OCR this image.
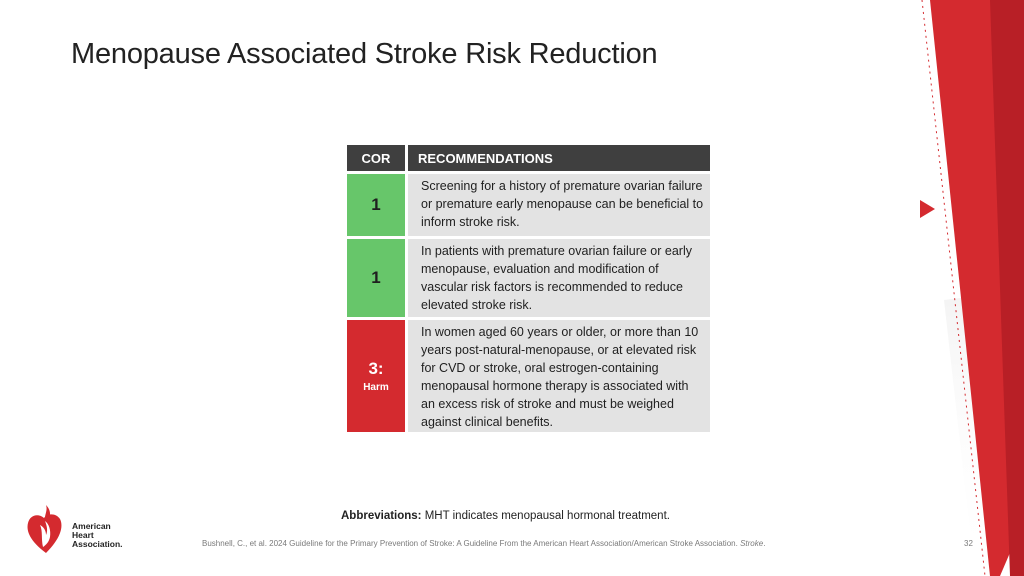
Menopause Associated Stroke Risk Reduction
COR	RECOMMENDATIONS
1
Screening for a history of premature ovarian failure or premature early menopause can be beneficial to inform stroke risk.
1
In patients with premature ovarian failure or early menopause, evaluation and modification of vascular risk factors is recommended to reduce elevated stroke risk.
3:
Harm
In women aged 60 years or older, or more than 10 years post-natural-menopause, or at elevated risk for CVD or stroke, oral estrogen-containing menopausal hormone therapy is associated with an excess risk of stroke and must be weighed against clinical benefits.
Abbreviations: MHT indicates menopausal hormonal treatment.
Bushnell, C., et al. 2024 Guideline for the Primary Prevention of Stroke: A Guideline From the American Heart Association/American Stroke Association. Stroke.	32
American
Heart
Association.
